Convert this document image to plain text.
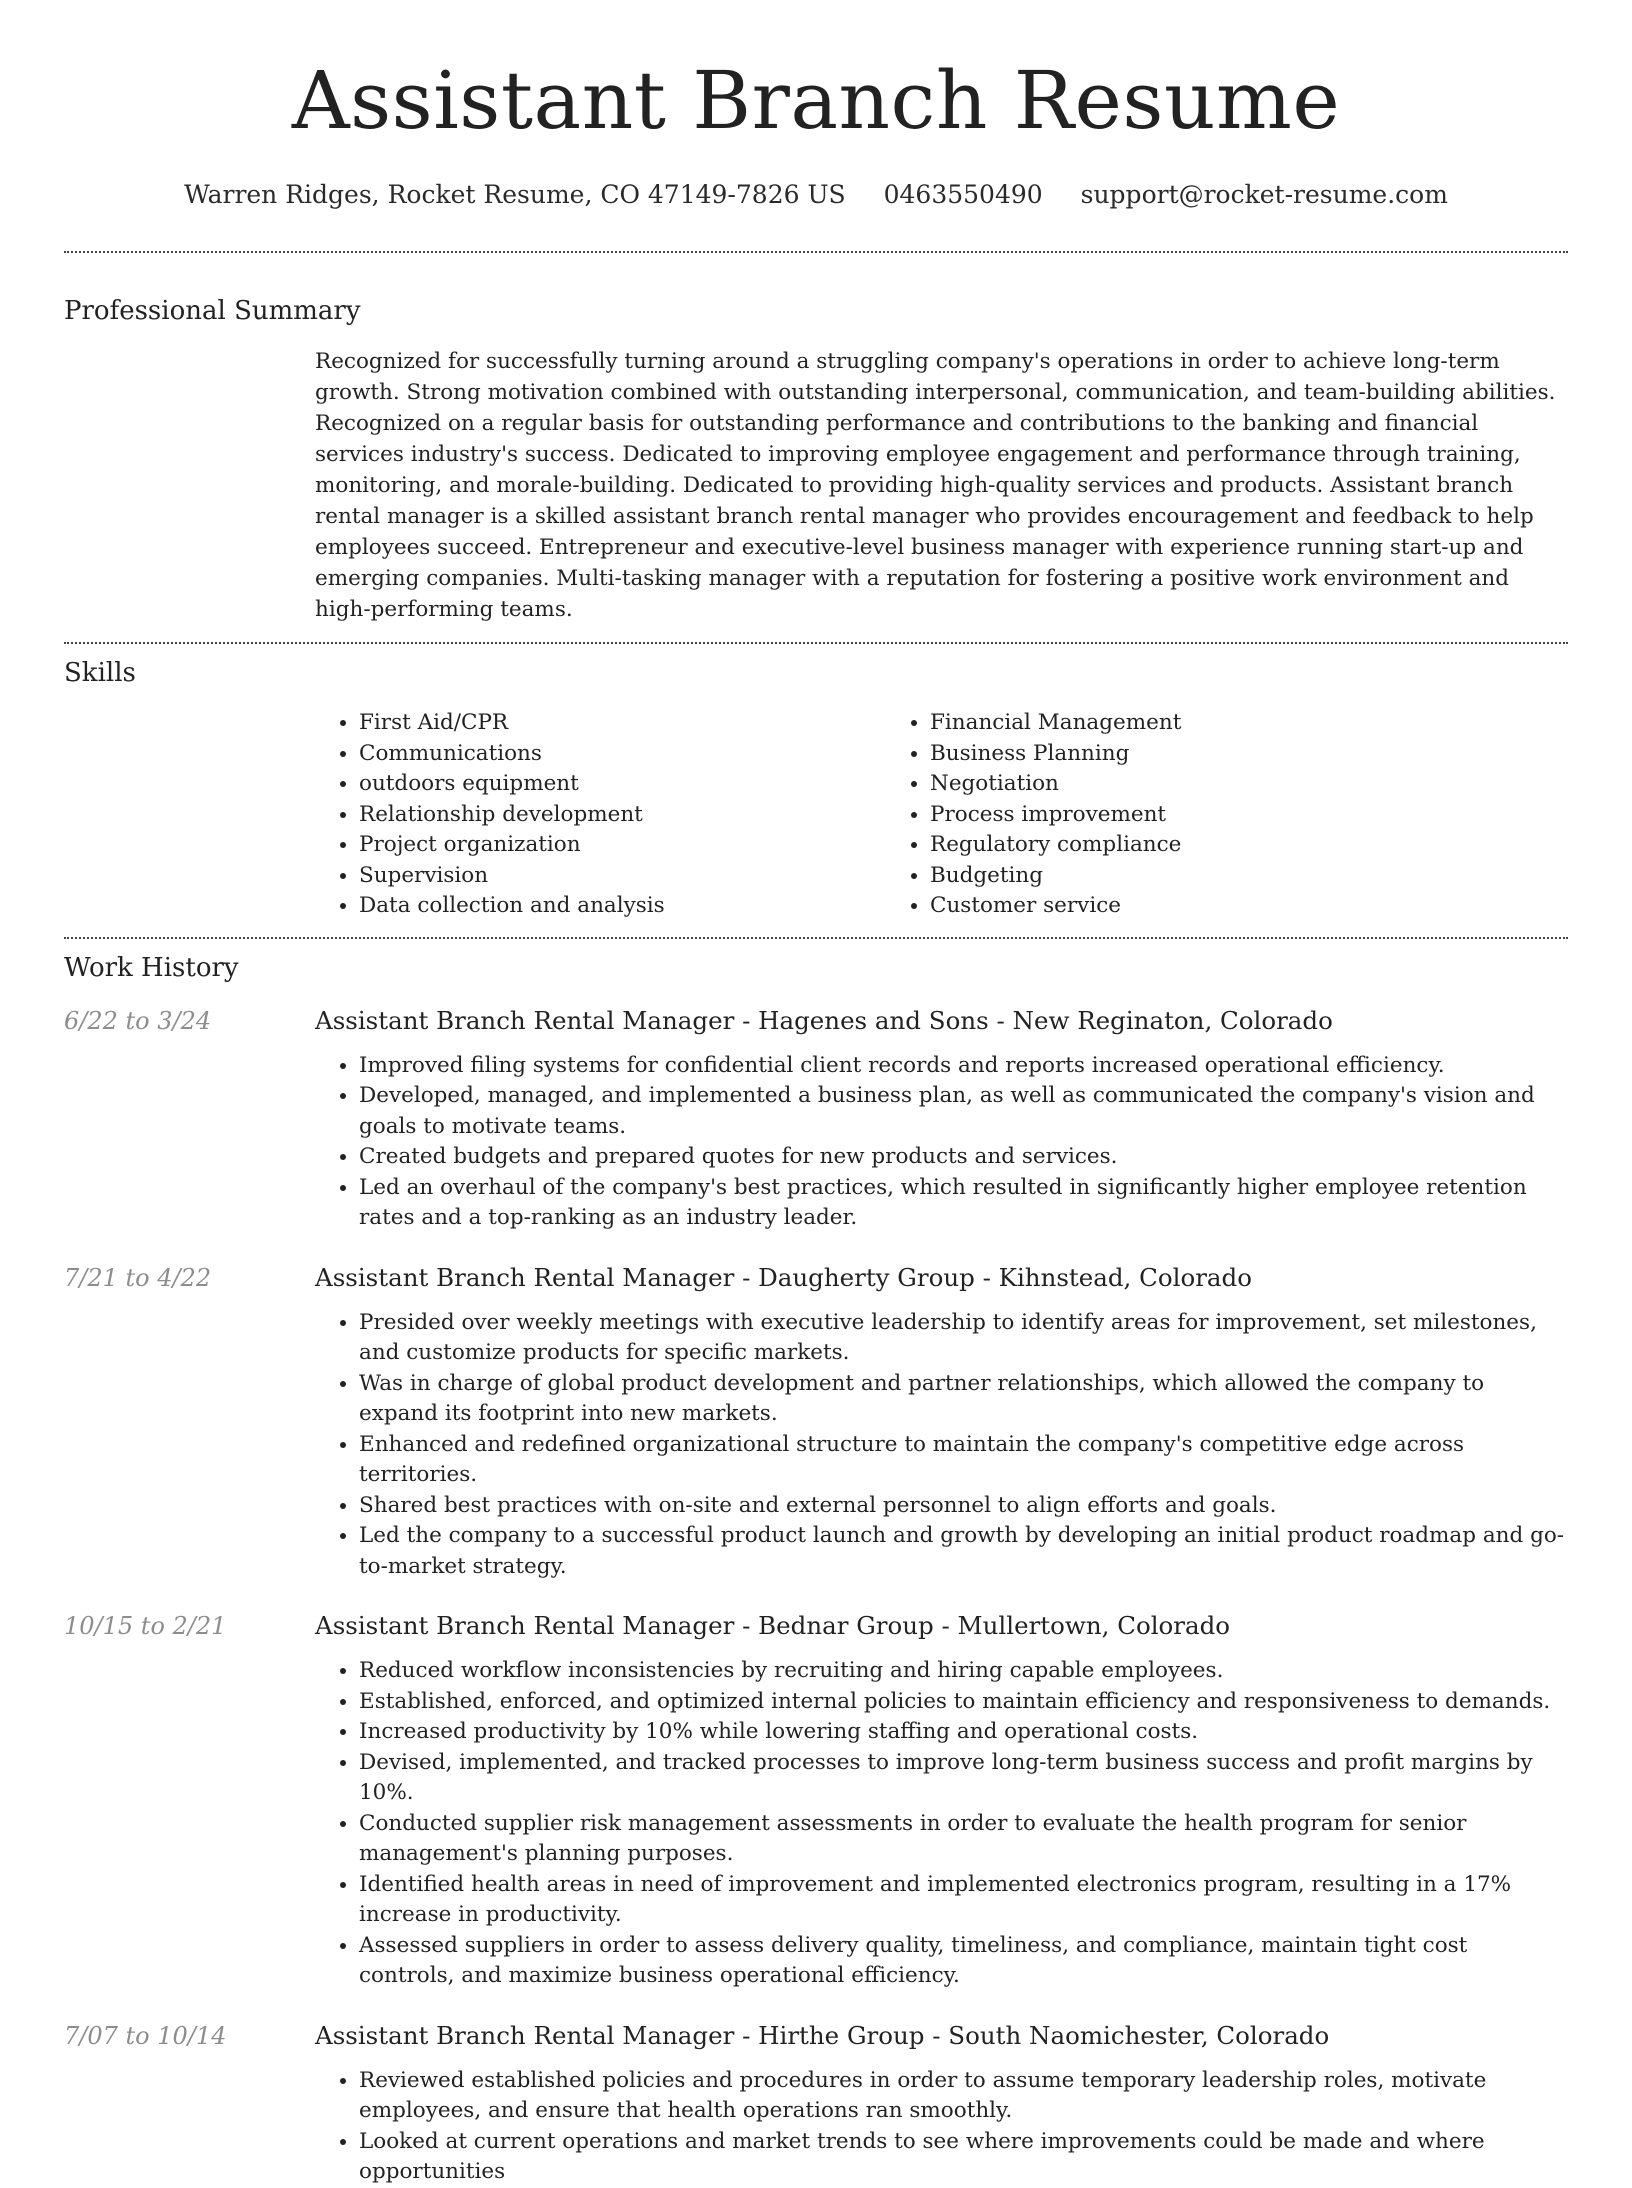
Assistant Branch Resume
Warren Ridges, Rocket Resume, CO 47149-7826 US 0463550490 support@rocket-resume.com
Professional Summary
Recognized for successfully turning around a struggling company's operations in order to achieve long-term growth. Strong motivation combined with outstanding interpersonal, communication, and team-building abilities. Recognized on a regular basis for outstanding performance and contributions to the banking and financial services industry's success. Dedicated to improving employee engagement and performance through training, monitoring, and morale-building. Dedicated to providing high-quality services and products. Assistant branch rental manager is a skilled assistant branch rental manager who provides encouragement and feedback to help employees succeed. Entrepreneur and executive-level business manager with experience running start-up and emerging companies. Multi-tasking manager with a reputation for fostering a positive work environment and high-performing teams.
Skills
• First Aid/CPR
• Communications
• outdoors equipment
• Relationship development
• Project organization
• Supervision
• Data collection and analysis
• Financial Management
• Business Planning
• Negotiation
• Process improvement
• Regulatory compliance
• Budgeting
• Customer service
Work History
6/22 to 3/24	Assistant Branch Rental Manager - Hagenes and Sons - New Reginaton, Colorado
• Improved filing systems for confidential client records and reports increased operational efficiency.
• Developed, managed, and implemented a business plan, as well as communicated the company's vision and goals to motivate teams.
• Created budgets and prepared quotes for new products and services.
• Led an overhaul of the company's best practices, which resulted in significantly higher employee retention rates and a top-ranking as an industry leader.
7/21 to 4/22	Assistant Branch Rental Manager - Daugherty Group - Kihnstead, Colorado
• Presided over weekly meetings with executive leadership to identify areas for improvement, set milestones, and customize products for specific markets.
• Was in charge of global product development and partner relationships, which allowed the company to expand its footprint into new markets.
• Enhanced and redefined organizational structure to maintain the company's competitive edge across territories.
• Shared best practices with on-site and external personnel to align efforts and goals.
• Led the company to a successful product launch and growth by developing an initial product roadmap and go-to-market strategy.
10/15 to 2/21	Assistant Branch Rental Manager - Bednar Group - Mullertown, Colorado
• Reduced workflow inconsistencies by recruiting and hiring capable employees.
• Established, enforced, and optimized internal policies to maintain efficiency and responsiveness to demands.
• Increased productivity by 10% while lowering staffing and operational costs.
• Devised, implemented, and tracked processes to improve long-term business success and profit margins by 10%.
• Conducted supplier risk management assessments in order to evaluate the health program for senior management's planning purposes.
• Identified health areas in need of improvement and implemented electronics program, resulting in a 17% increase in productivity.
• Assessed suppliers in order to assess delivery quality, timeliness, and compliance, maintain tight cost controls, and maximize business operational efficiency.
7/07 to 10/14	Assistant Branch Rental Manager - Hirthe Group - South Naomichester, Colorado
• Reviewed established policies and procedures in order to assume temporary leadership roles, motivate employees, and ensure that health operations ran smoothly.
• Looked at current operations and market trends to see where improvements could be made and where opportunities
